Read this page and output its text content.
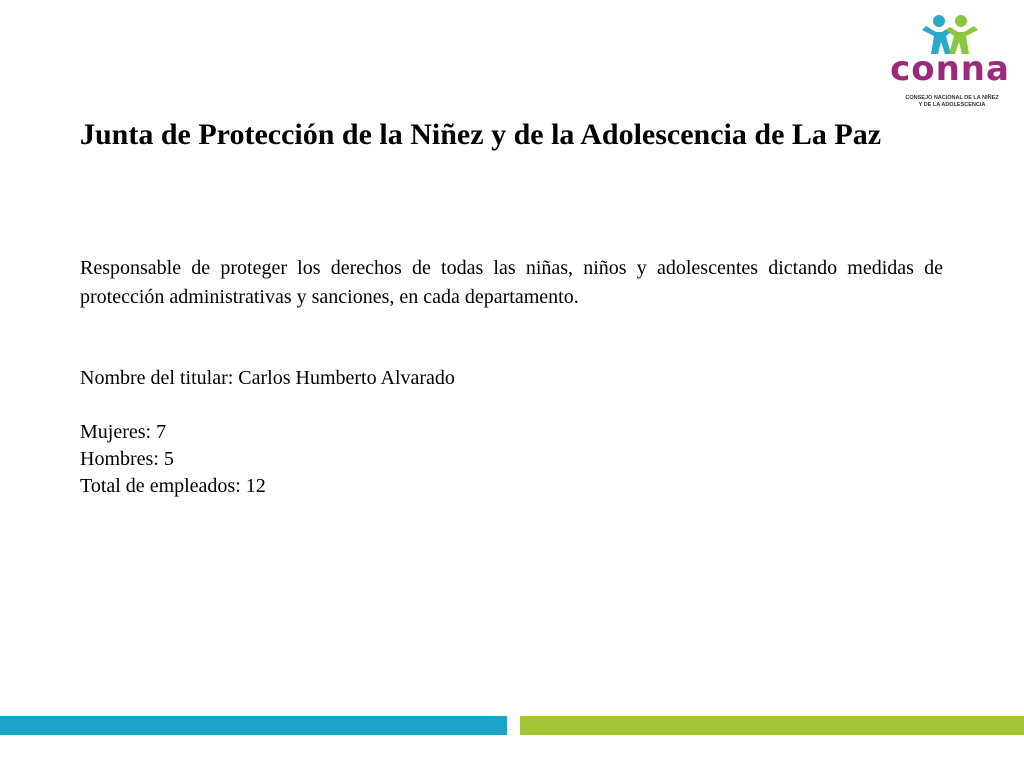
conna
CONSEJO NACIONAL DE LA NIÑEZ
Y DE LA ADOLESCENCIA
Junta de Protección de la Niñez y de la Adolescencia de La Paz

Responsable de proteger los derechos de todas las niñas, niños y adolescentes dictando medidas de protección administrativas y sanciones, en cada departamento.

Nombre del titular: Carlos Humberto Alvarado

Mujeres: 7

Hombres: 5

Total de empleados: 12
